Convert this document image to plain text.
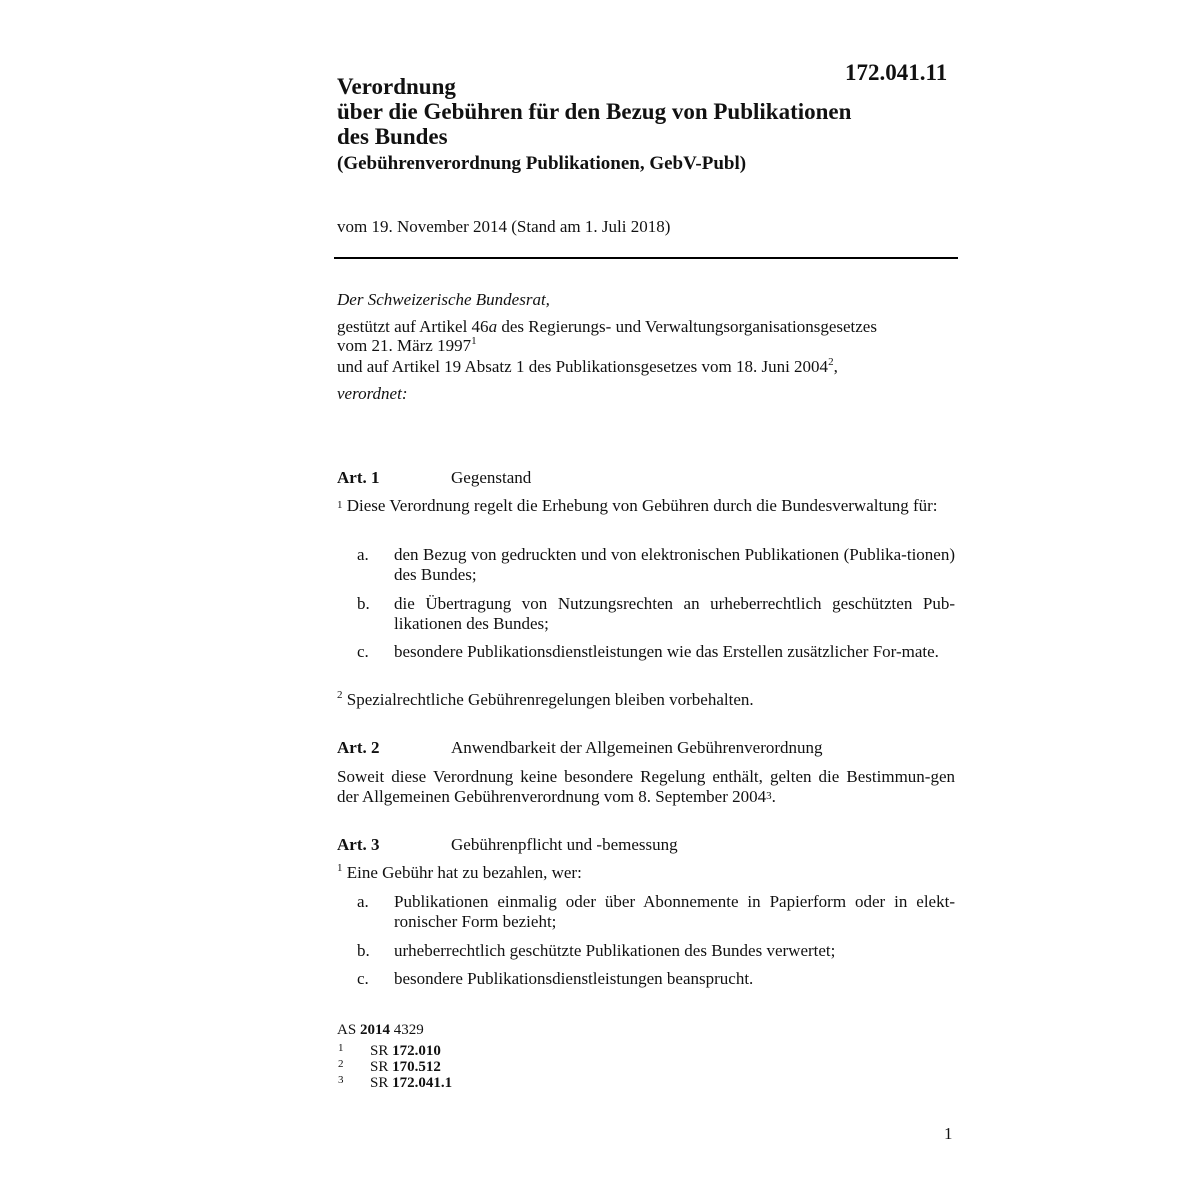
172.041.11
Verordnung
über die Gebühren für den Bezug von Publikationen
des Bundes
(Gebührenverordnung Publikationen, GebV-Publ)
vom 19. November 2014 (Stand am 1. Juli 2018)
Der Schweizerische Bundesrat,
gestützt auf Artikel 46a des Regierungs- und Verwaltungsorganisationsgesetzes
vom 21. März 1997$^1$
und auf Artikel 19 Absatz 1 des Publikationsgesetzes vom 18. Juni 2004$^2$,
verordnet:
Art. 1	Gegenstand
$^1$ Diese Verordnung regelt die Erhebung von Gebühren durch die Bundesverwaltung für:
a. den Bezug von gedruckten und von elektronischen Publikationen (Publika-tionen) des Bundes;
b. die Übertragung von Nutzungsrechten an urheberrechtlich geschützten Pub-likationen des Bundes;
c. besondere Publikationsdienstleistungen wie das Erstellen zusätzlicher For-mate.
$^2$ Spezialrechtliche Gebührenregelungen bleiben vorbehalten.
Art. 2	Anwendbarkeit der Allgemeinen Gebührenverordnung
Soweit diese Verordnung keine besondere Regelung enthält, gelten die Bestimmun-gen der Allgemeinen Gebührenverordnung vom 8. September 2004$^3$.
Art. 3	Gebührenpflicht und -bemessung
$^1$ Eine Gebühr hat zu bezahlen, wer:
a. Publikationen einmalig oder über Abonnemente in Papierform oder in elekt-ronischer Form bezieht;
b. urheberrechtlich geschützte Publikationen des Bundes verwertet;
c. besondere Publikationsdienstleistungen beansprucht.
AS 2014 4329
1 SR 172.010
2 SR 170.512
3 SR 172.041.1
1
